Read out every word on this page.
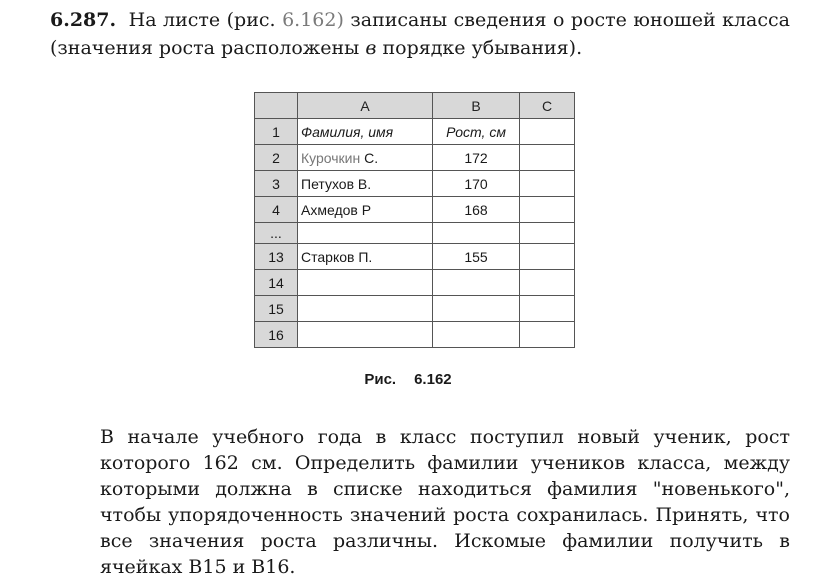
6.287. На листе (рис. 6.162) записаны сведения о росте юношей класса (значения роста расположены в порядке убывания).
	A	B	C
1	Фамилия, имя	Рост, см	
2	Курочкин С.	172	
3	Петухов В.	170	
4	Ахмедов Р	168	
...			
13	Старков П.	155	
14			
15			
16			
Рис. 6.162
В начале учебного года в класс поступил новый ученик, рост которого 162 см. Определить фамилии учеников класса, между которыми должна в списке находиться фамилия "новенького", чтобы упорядоченность значений роста сохранилась. Принять, что все значения роста различны. Искомые фамилии получить в ячейках B15 и B16.
